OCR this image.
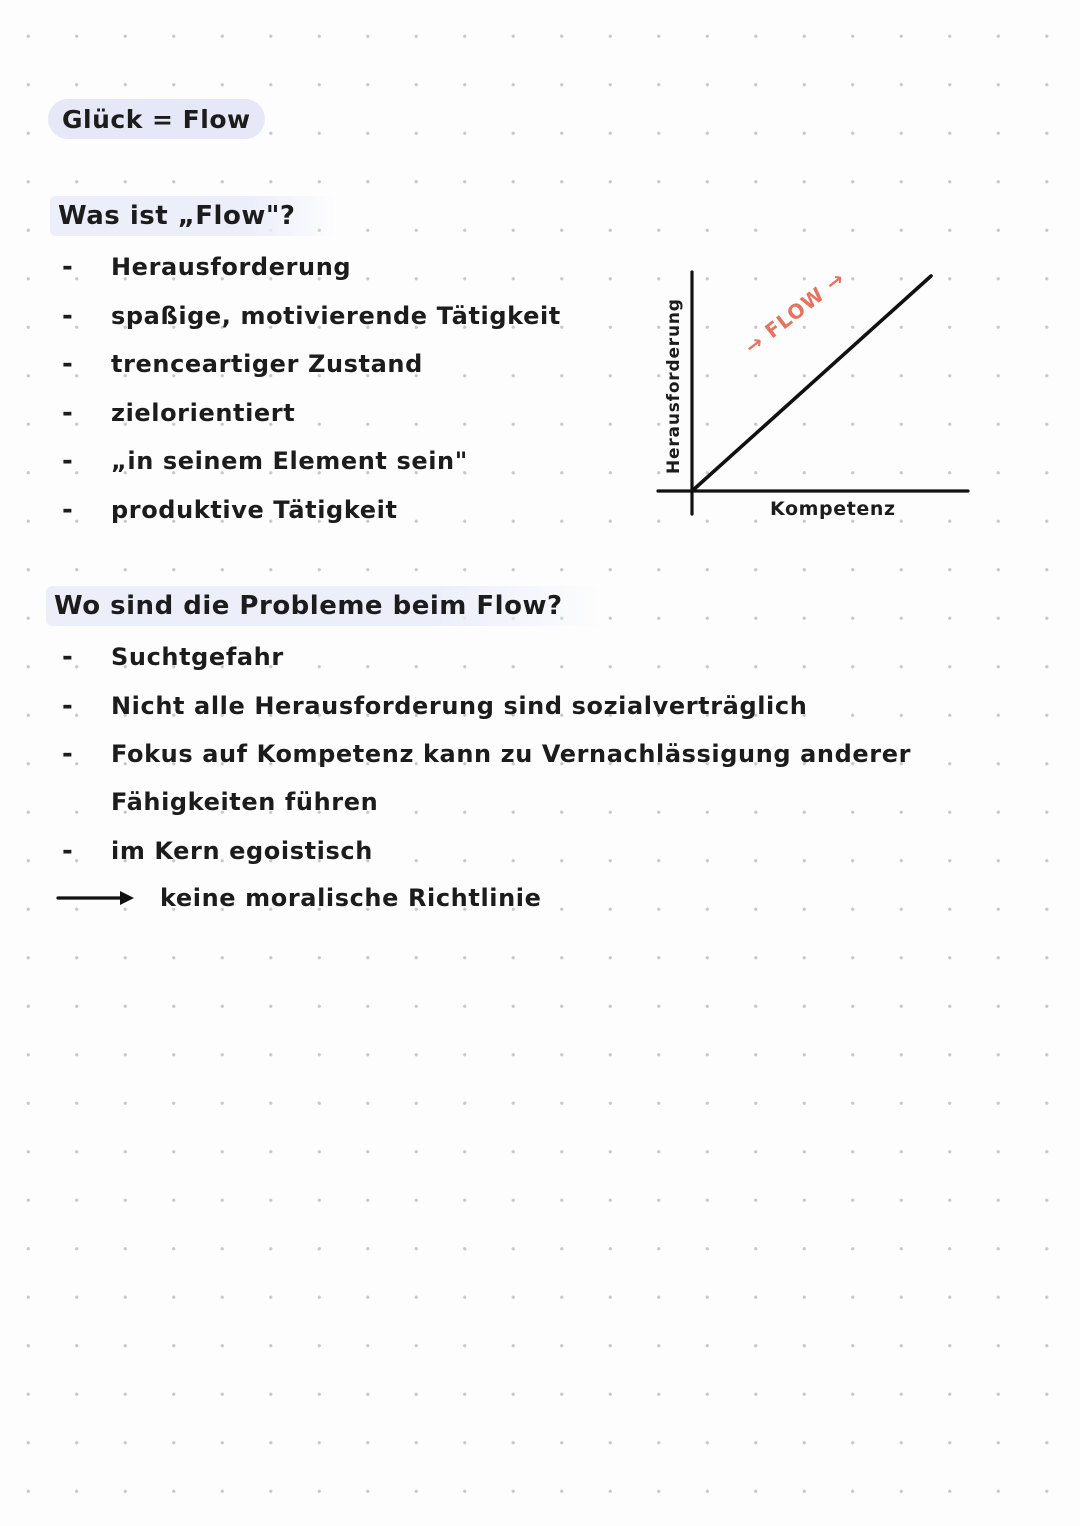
Glück = Flow
Was ist „Flow"?
-	Herausforderung
-	spaßige, motivierende Tätigkeit
-	trenceartiger Zustand
-	zielorientiert
-	„in seinem Element sein"
-	produktive Tätigkeit
Herausforderung
Kompetenz
→ FLOW →
Wo sind die Probleme beim Flow?
-	Suchtgefahr
-	Nicht alle Herausforderung sind sozialverträglich
-	Fokus auf Kompetenz kann zu Vernachlässigung anderer Fähigkeiten führen
-	im Kern egoistisch
keine moralische Richtlinie
